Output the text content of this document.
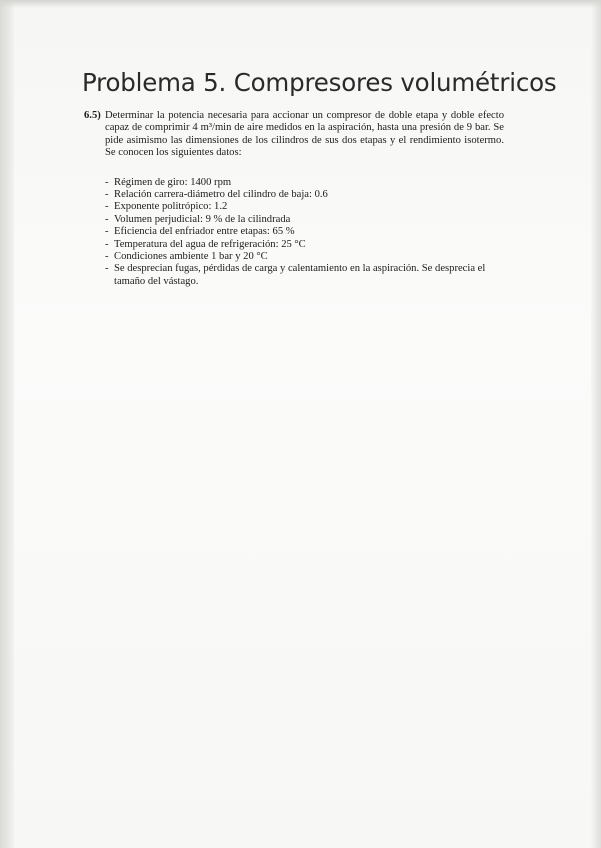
Problema 5. Compresores volumétricos
6.5) Determinar la potencia necesaria para accionar un compresor de doble etapa y doble efecto capaz de comprimir 4 m³/min de aire medidos en la aspiración, hasta una presión de 9 bar. Se pide asimismo las dimensiones de los cilindros de sus dos etapas y el rendimiento isotermo. Se conocen los siguientes datos:

- Régimen de giro: 1400 rpm
- Relación carrera-diámetro del cilindro de baja: 0.6
- Exponente politrópico: 1.2
- Volumen perjudicial: 9 % de la cilindrada
- Eficiencia del enfriador entre etapas: 65 %
- Temperatura del agua de refrigeración: 25 °C
- Condiciones ambiente 1 bar y 20 °C
- Se desprecian fugas, pérdidas de carga y calentamiento en la aspiración. Se desprecia el tamaño del vástago.
